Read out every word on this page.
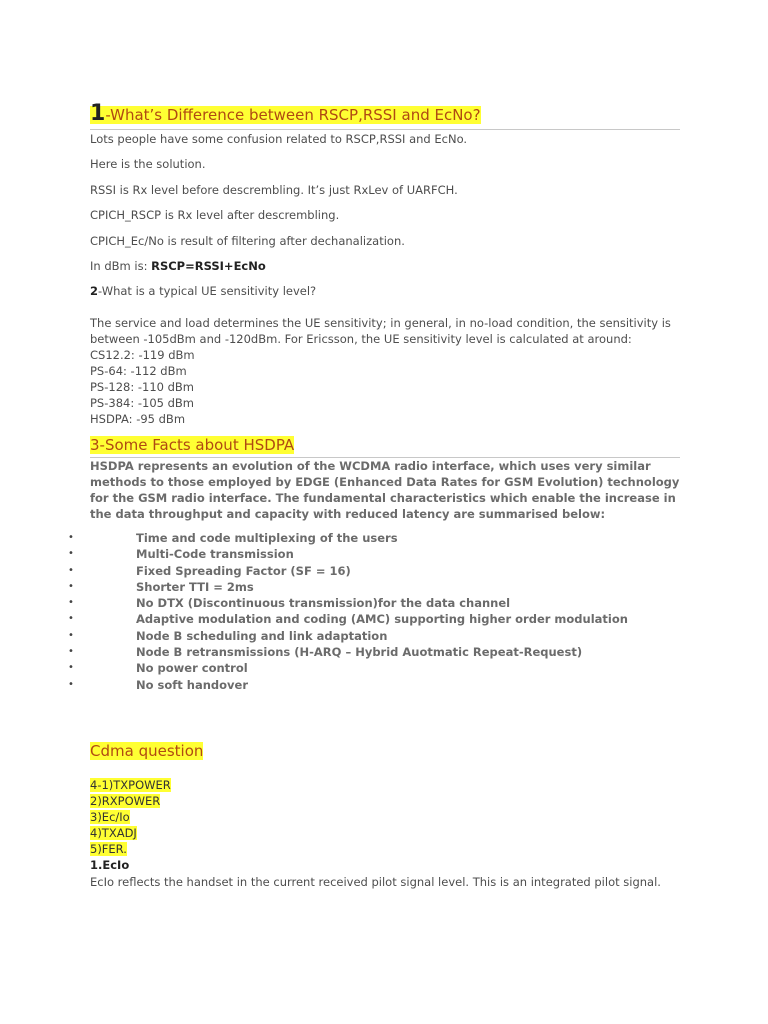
1-What’s Difference between RSCP,RSSI and EcNo?
Lots people have some confusion related to RSCP,RSSI and EcNo.
Here is the solution.
RSSI is Rx level before descrembling. It’s just RxLev of UARFCH.
CPICH_RSCP is Rx level after descrembling.
CPICH_Ec/No is result of filtering after dechanalization.
In dBm is: RSCP=RSSI+EcNo
2-What is a typical UE sensitivity level?
The service and load determines the UE sensitivity; in general, in no-load condition, the sensitivity is
between -105dBm and -120dBm. For Ericsson, the UE sensitivity level is calculated at around:
CS12.2: -119 dBm
PS-64: -112 dBm
PS-128: -110 dBm
PS-384: -105 dBm
HSDPA: -95 dBm
3-Some Facts about HSDPA
HSDPA represents an evolution of the WCDMA radio interface, which uses very similar
methods to those employed by EDGE (Enhanced Data Rates for GSM Evolution) technology
for the GSM radio interface. The fundamental characteristics which enable the increase in
the data throughput and capacity with reduced latency are summarised below:
•	Time and code multiplexing of the users
•	Multi-Code transmission
•	Fixed Spreading Factor (SF = 16)
•	Shorter TTI = 2ms
•	No DTX (Discontinuous transmission)for the data channel
•	Adaptive modulation and coding (AMC) supporting higher order modulation
•	Node B scheduling and link adaptation
•	Node B retransmissions (H-ARQ – Hybrid Auotmatic Repeat-Request)
•	No power control
•	No soft handover
Cdma question
4-1)TXPOWER
2)RXPOWER
3)Ec/Io
4)TXADJ
5)FER.
1.EcIo
EcIo reflects the handset in the current received pilot signal level. This is an integrated pilot signal.
